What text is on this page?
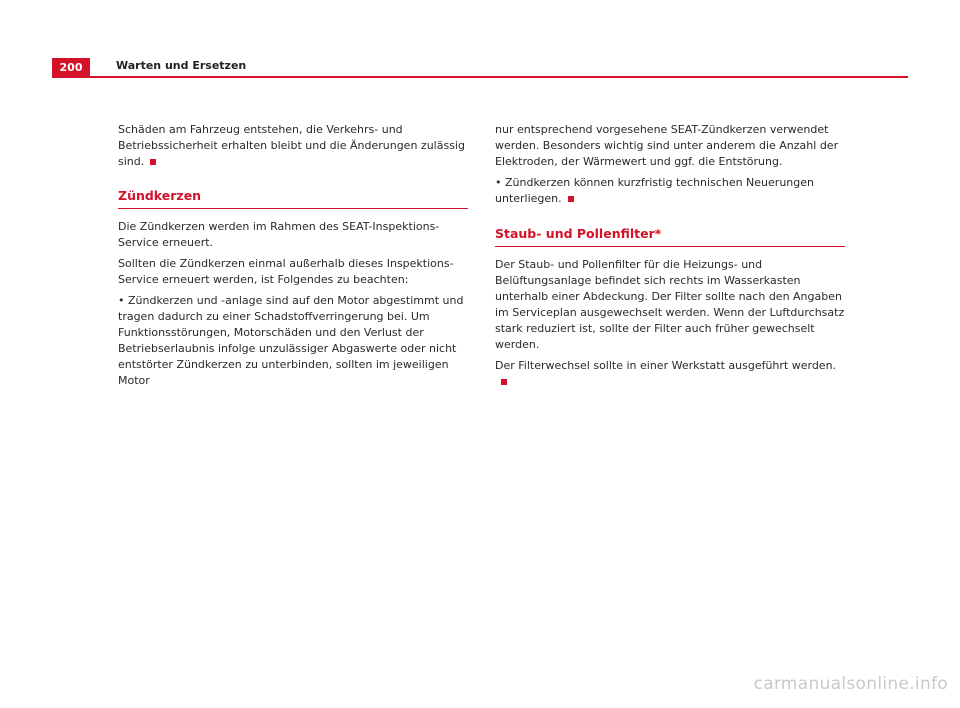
200	Warten und Ersetzen

Schäden am Fahrzeug entstehen, die Verkehrs- und Betriebssicherheit erhalten bleibt und die Änderungen zulässig sind.

Zündkerzen

Die Zündkerzen werden im Rahmen des SEAT-Inspektions-Service erneuert.

Sollten die Zündkerzen einmal außerhalb dieses Inspektions-Service erneuert werden, ist Folgendes zu beachten:

• Zündkerzen und -anlage sind auf den Motor abgestimmt und tragen dadurch zu einer Schadstoffverringerung bei. Um Funktionsstörungen, Motorschäden und den Verlust der Betriebserlaubnis infolge unzulässiger Abgaswerte oder nicht entstörter Zündkerzen zu unterbinden, sollten im jeweiligen Motor

nur entsprechend vorgesehene SEAT-Zündkerzen verwendet werden. Besonders wichtig sind unter anderem die Anzahl der Elektroden, der Wärmewert und ggf. die Entstörung.

• Zündkerzen können kurzfristig technischen Neuerungen unterliegen.

Staub- und Pollenfilter*

Der Staub- und Pollenfilter für die Heizungs- und Belüftungsanlage befindet sich rechts im Wasserkasten unterhalb einer Abdeckung. Der Filter sollte nach den Angaben im Serviceplan ausgewechselt werden. Wenn der Luftdurchsatz stark reduziert ist, sollte der Filter auch früher gewechselt werden.

Der Filterwechsel sollte in einer Werkstatt ausgeführt werden.

carmanualsonline.info
